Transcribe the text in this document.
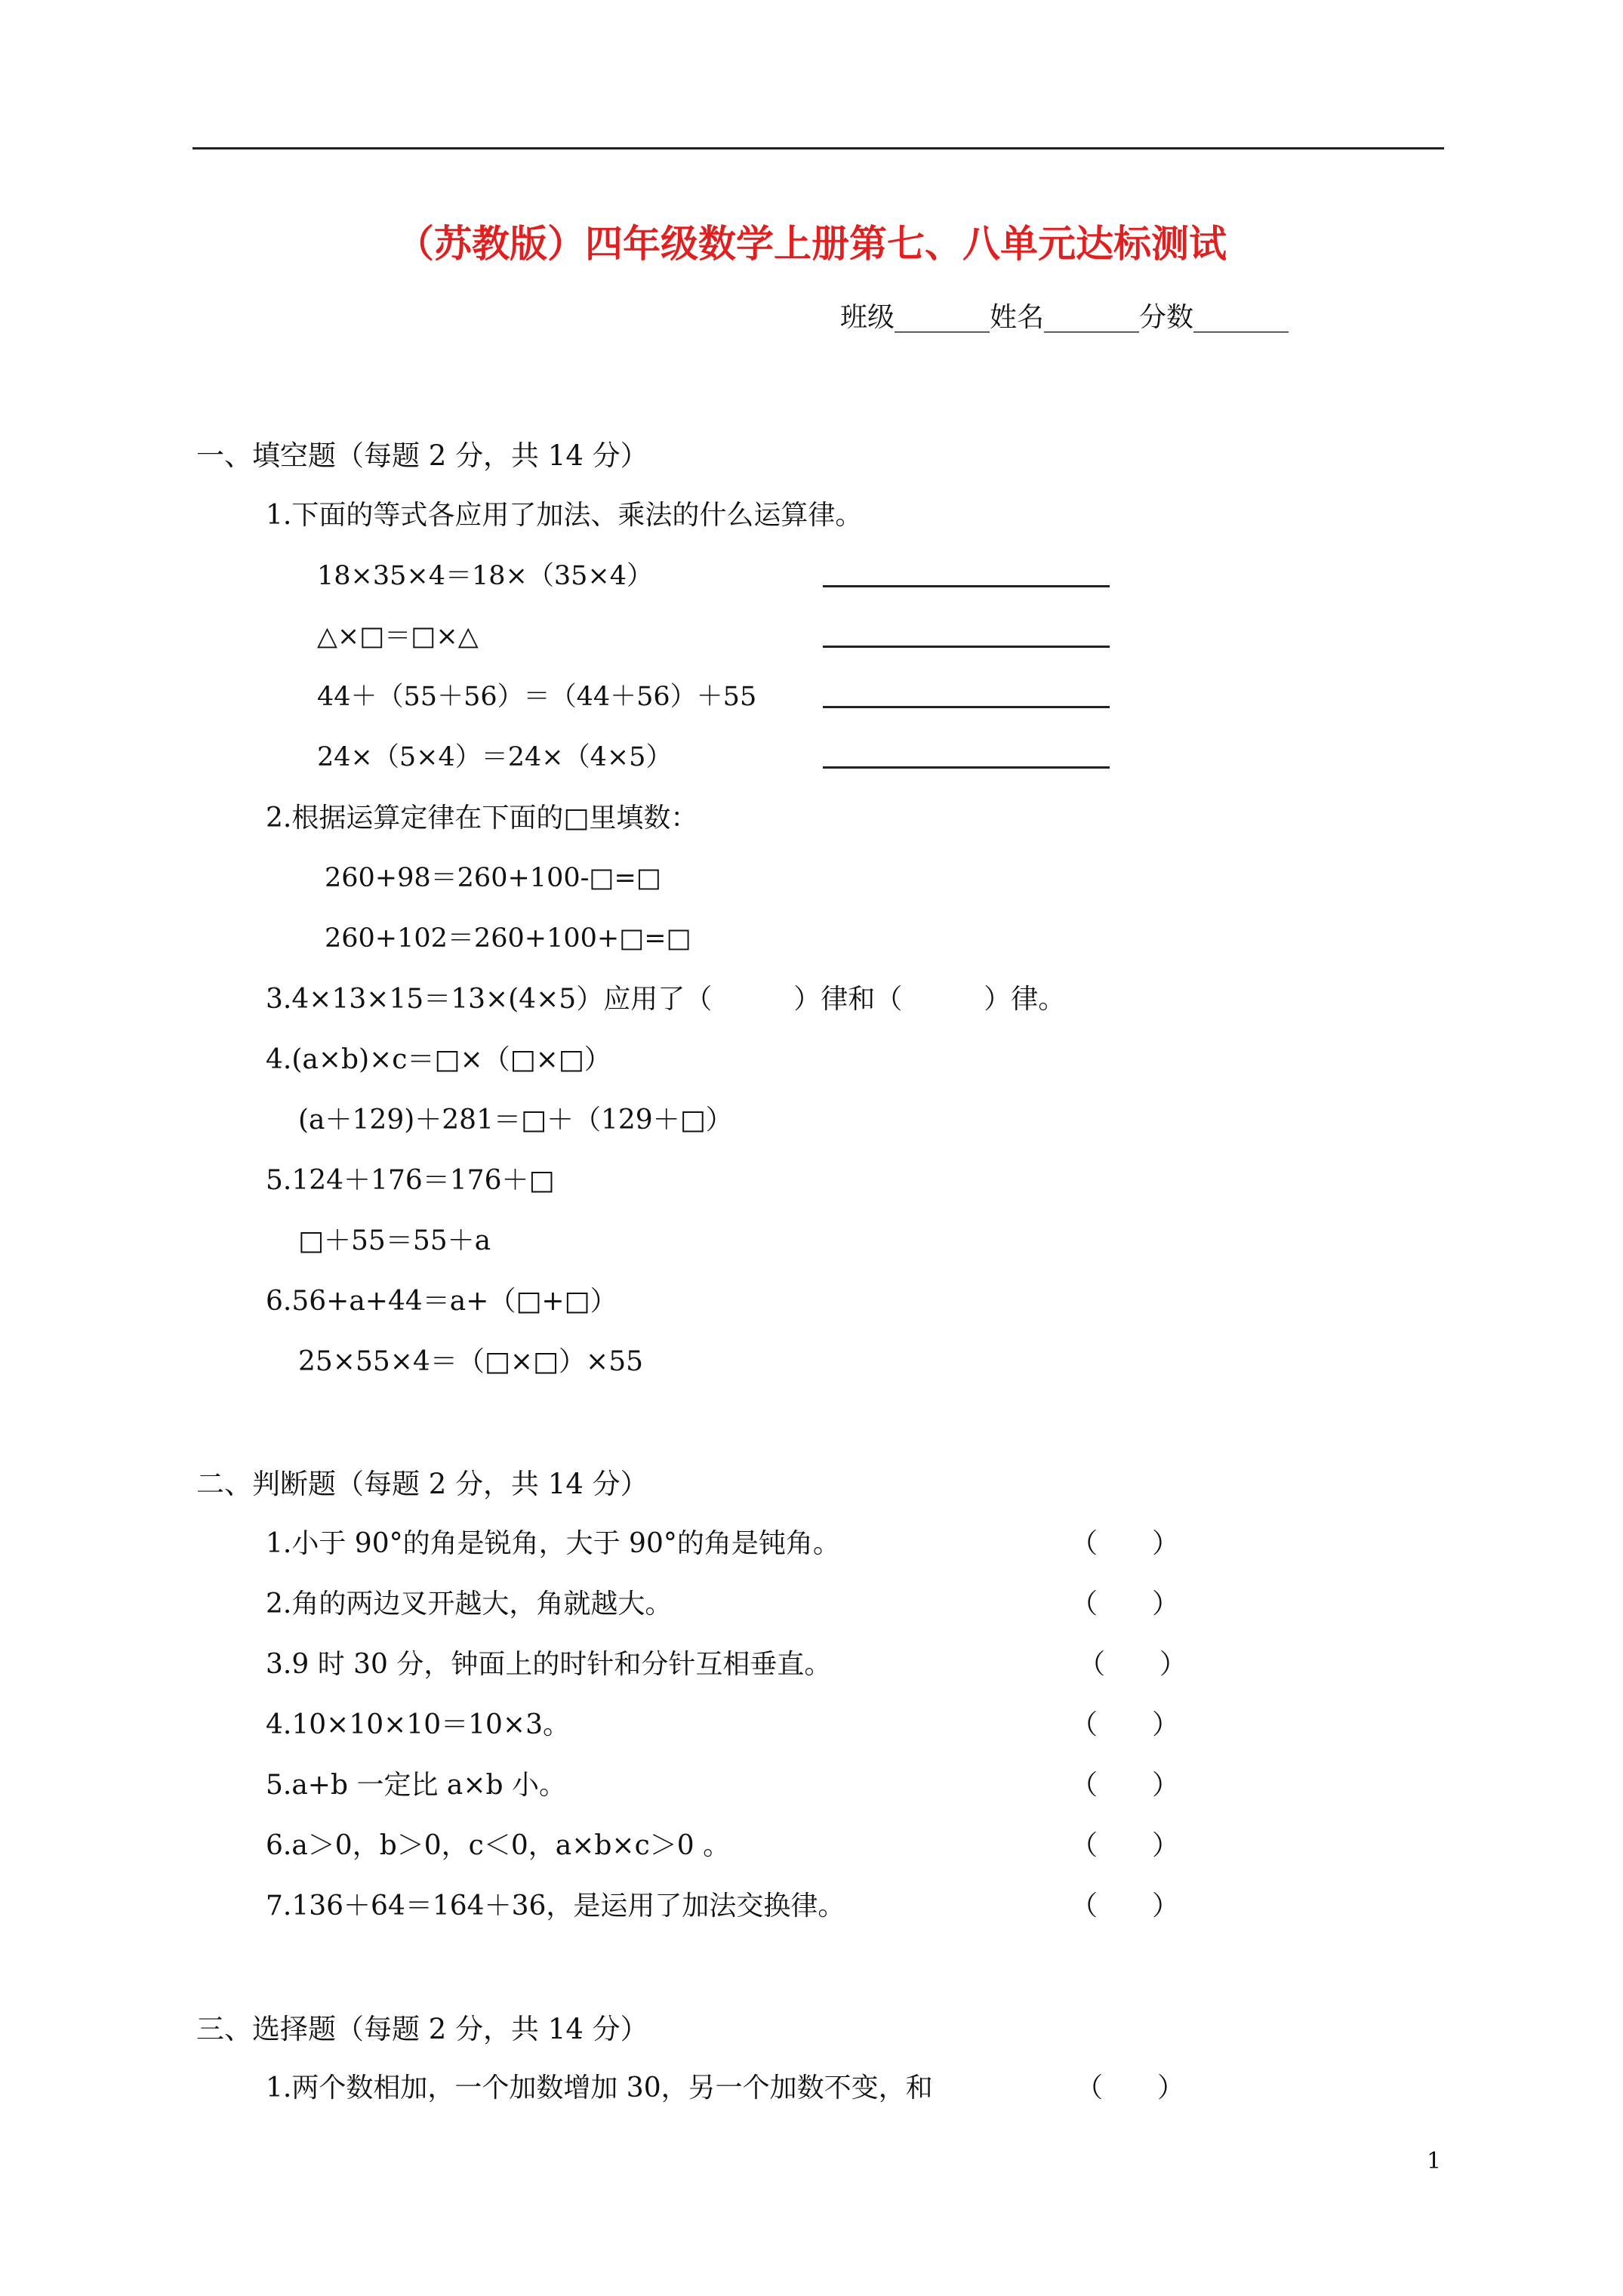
（苏教版）四年级数学上册第七、八单元达标测试
班级_______姓名_______分数_______
一、填空题（每题 2 分，共 14 分）
1.下面的等式各应用了加法、乘法的什么运算律。
18×35×4＝18×（35×4）
△×□＝□×△
44＋（55＋56）＝（44＋56）＋55
24×（5×4）＝24×（4×5）
2.根据运算定律在下面的□里填数：
260+98＝260+100-□=□
260+102＝260+100+□=□
3.4×13×15＝13×(4×5）应用了（　　　）律和（　　　）律。
4.(a×b)×c＝□×（□×□）
(a＋129)＋281＝□＋（129＋□）
5.124＋176＝176＋□
□＋55＝55＋a
6.56+a+44＝a+（□+□）
25×55×4＝（□×□）×55
二、判断题（每题 2 分，共 14 分）
1.小于 90°的角是锐角，大于 90°的角是钝角。	（　　）
2.角的两边叉开越大，角就越大。	（　　）
3.9 时 30 分，钟面上的时针和分针互相垂直。	（　　）
4.10×10×10＝10×3。	（　　）
5.a+b 一定比 a×b 小。	（　　）
6.a＞0，b＞0，c＜0，a×b×c＞0 。	（　　）
7.136＋64＝164＋36，是运用了加法交换律。	（　　）
三、选择题（每题 2 分，共 14 分）
1.两个数相加，一个加数增加 30，另一个加数不变，和	（　　）
1
